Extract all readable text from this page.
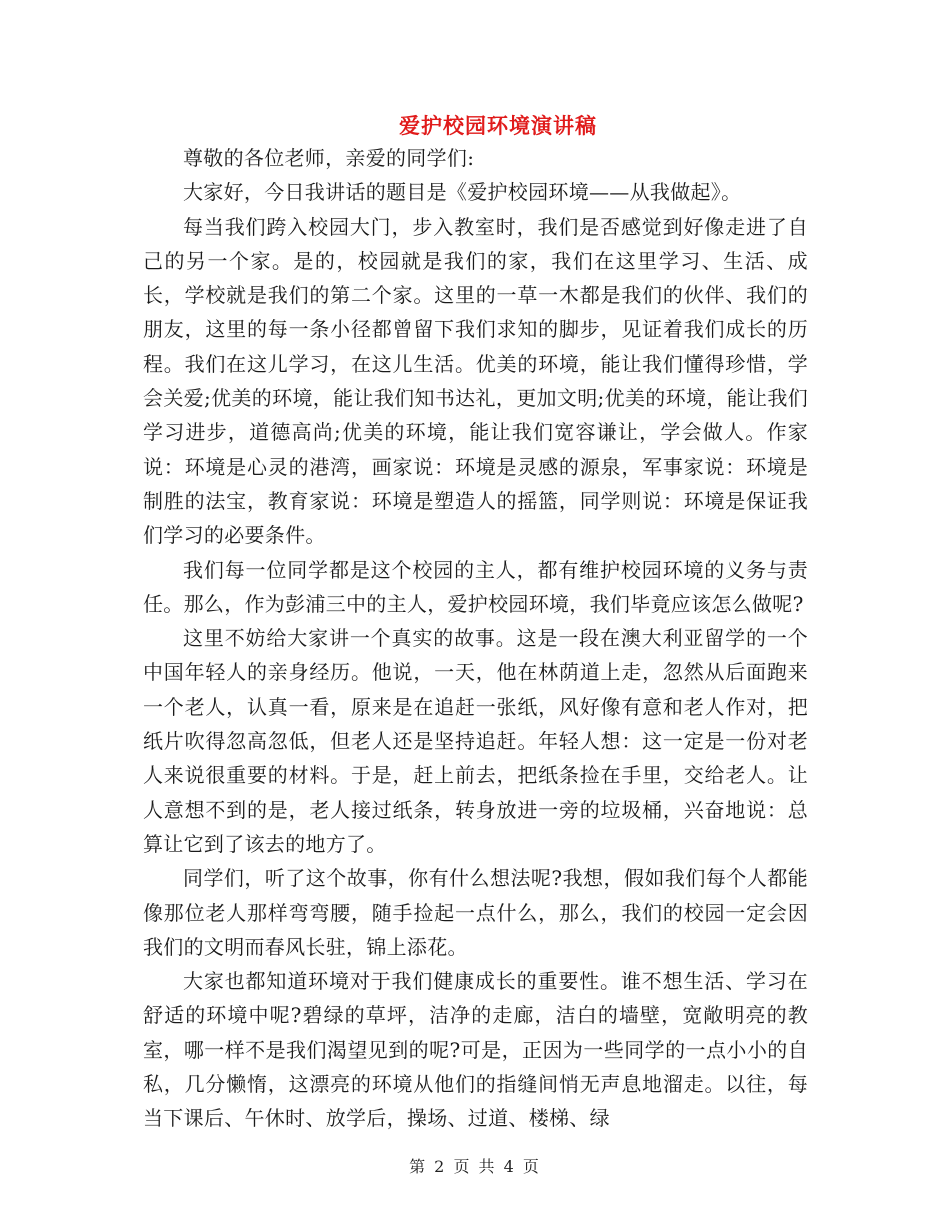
爱护校园环境演讲稿

尊敬的各位老师，亲爱的同学们:

大家好，今日我讲话的题目是《爱护校园环境——从我做起》。

每当我们跨入校园大门，步入教室时，我们是否感觉到好像走进了自己的另一个家。是的，校园就是我们的家，我们在这里学习、生活、成长，学校就是我们的第二个家。这里的一草一木都是我们的伙伴、我们的朋友，这里的每一条小径都曾留下我们求知的脚步，见证着我们成长的历程。我们在这儿学习，在这儿生活。优美的环境，能让我们懂得珍惜，学会关爱;优美的环境，能让我们知书达礼，更加文明;优美的环境，能让我们学习进步，道德高尚;优美的环境，能让我们宽容谦让，学会做人。作家说：环境是心灵的港湾，画家说：环境是灵感的源泉，军事家说：环境是制胜的法宝，教育家说：环境是塑造人的摇篮，同学则说：环境是保证我们学习的必要条件。

我们每一位同学都是这个校园的主人，都有维护校园环境的义务与责任。那么，作为彭浦三中的主人，爱护校园环境，我们毕竟应该怎么做呢?

这里不妨给大家讲一个真实的故事。这是一段在澳大利亚留学的一个中国年轻人的亲身经历。他说，一天，他在林荫道上走，忽然从后面跑来一个老人，认真一看，原来是在追赶一张纸，风好像有意和老人作对，把纸片吹得忽高忽低，但老人还是坚持追赶。年轻人想：这一定是一份对老人来说很重要的材料。于是，赶上前去，把纸条捡在手里，交给老人。让人意想不到的是，老人接过纸条，转身放进一旁的垃圾桶，兴奋地说：总算让它到了该去的地方了。

同学们，听了这个故事，你有什么想法呢?我想，假如我们每个人都能像那位老人那样弯弯腰，随手捡起一点什么，那么，我们的校园一定会因我们的文明而春风长驻，锦上添花。

大家也都知道环境对于我们健康成长的重要性。谁不想生活、学习在舒适的环境中呢?碧绿的草坪，洁净的走廊，洁白的墙壁，宽敞明亮的教室，哪一样不是我们渴望见到的呢?可是，正因为一些同学的一点小小的自私，几分懒惰，这漂亮的环境从他们的指缝间悄无声息地溜走。以往，每当下课后、午休时、放学后，操场、过道、楼梯、绿

第 2 页 共 4 页
